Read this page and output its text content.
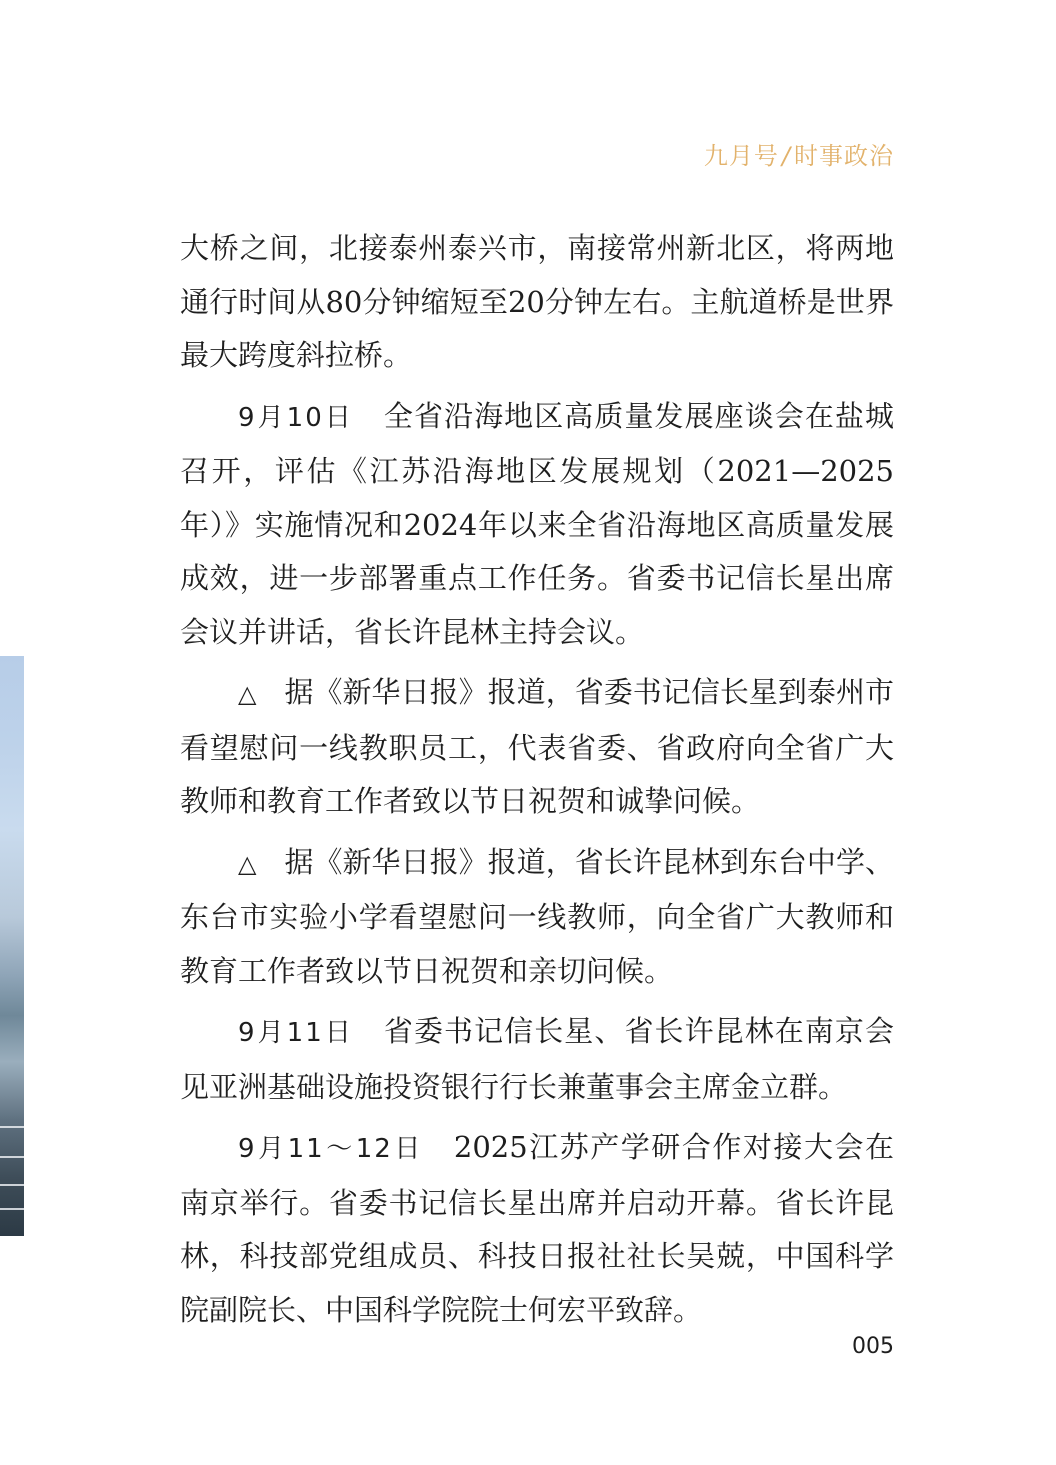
九月号 / 时事政治

大桥之间，北接泰州泰兴市，南接常州新北区，将两地通行时间从80分钟缩短至20分钟左右。主航道桥是世界最大跨度斜拉桥。

9月10日 全省沿海地区高质量发展座谈会在盐城召开，评估《江苏沿海地区发展规划（2021—2025年）》实施情况和2024年以来全省沿海地区高质量发展成效，进一步部署重点工作任务。省委书记信长星出席会议并讲话，省长许昆林主持会议。

△ 据《新华日报》报道，省委书记信长星到泰州市看望慰问一线教职员工，代表省委、省政府向全省广大教师和教育工作者致以节日祝贺和诚挚问候。

△ 据《新华日报》报道，省长许昆林到东台中学、东台市实验小学看望慰问一线教师，向全省广大教师和教育工作者致以节日祝贺和亲切问候。

9月11日 省委书记信长星、省长许昆林在南京会见亚洲基础设施投资银行行长兼董事会主席金立群。

9月11～12日 2025江苏产学研合作对接大会在南京举行。省委书记信长星出席并启动开幕。省长许昆林，科技部党组成员、科技日报社社长吴兢，中国科学院副院长、中国科学院院士何宏平致辞。

005
